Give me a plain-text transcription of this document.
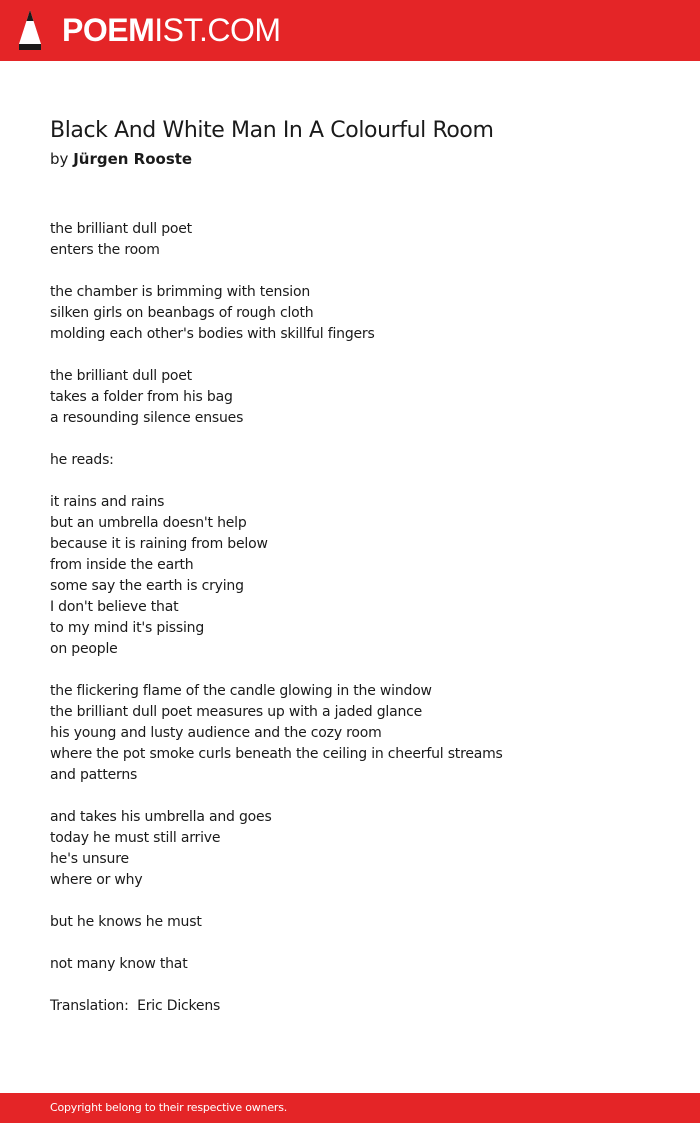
POEMIST.COM
Black And White Man In A Colourful Room
by Jürgen Rooste
the brilliant dull poet
enters the room
the chamber is brimming with tension
silken girls on beanbags of rough cloth
molding each other's bodies with skillful fingers
the brilliant dull poet
takes a folder from his bag
a resounding silence ensues
he reads:
it rains and rains
but an umbrella doesn't help
because it is raining from below
from inside the earth
some say the earth is crying
I don't believe that
to my mind it's pissing
on people
the flickering flame of the candle glowing in the window
the brilliant dull poet measures up with a jaded glance
his young and lusty audience and the cozy room
where the pot smoke curls beneath the ceiling in cheerful streams
and patterns
and takes his umbrella and goes
today he must still arrive
he's unsure
where or why
but he knows he must
not many know that
Translation:  Eric Dickens
Copyright belong to their respective owners.
